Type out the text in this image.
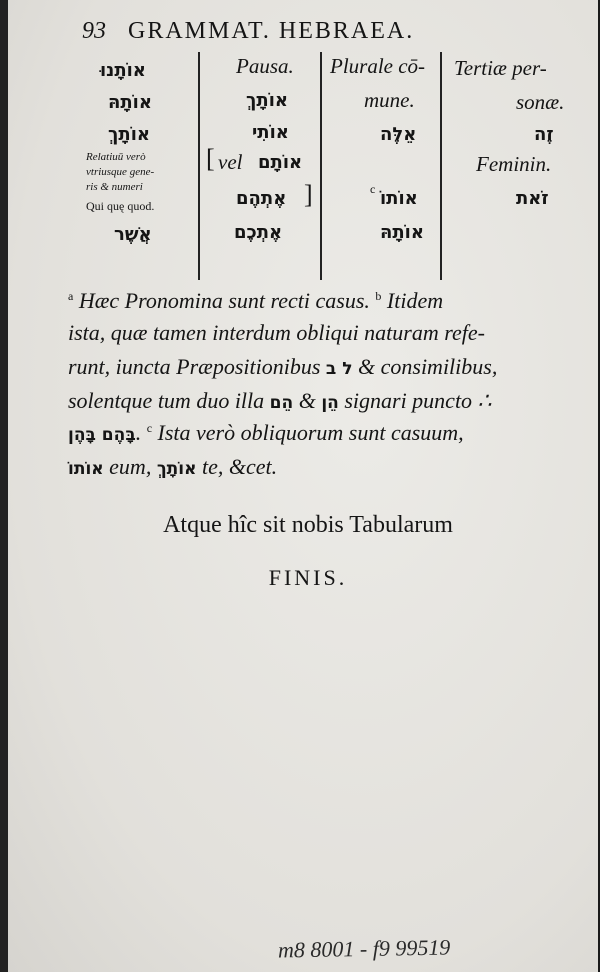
93 GRAMMAT. HEBRAEA.
אוֹתָנוּ
אוֹתָהּ
אוֹתָךְ
Relatiuū verò
vtriusque gene-
ris & numeri
Qui quę quod.
אֲשֶׁר
Pausa.
אוֹתָךְ
אוֹתִי
[ vel אוֹתָם
אֶתְהֶם ]
אֶתְכֶם
Plurale cō-
mune.
אֵלֶּה
c אוֹתוֹ
אוֹתָהּ
Tertiæ per-
sonæ.
זֶה
Feminin.
זֹאת
$^a$ Hæc Pronomina sunt recti casus. $^b$ Itidem
ista, quæ tamen interdum obliqui naturam refe-
runt, iuncta Præpositionibus ל ב & consimilibus,
solentque tum duo illa הֵם & הֵן signari puncto ∴
בָּהֶם בָּהֶן. $^c$ Ista verò obliquorum sunt casuum,
אוֹתוֹ eum, אוֹתָךְ te, &cet.
Atque hîc sit nobis Tabularum
FINIS.
m8 8001 - f9 99519
